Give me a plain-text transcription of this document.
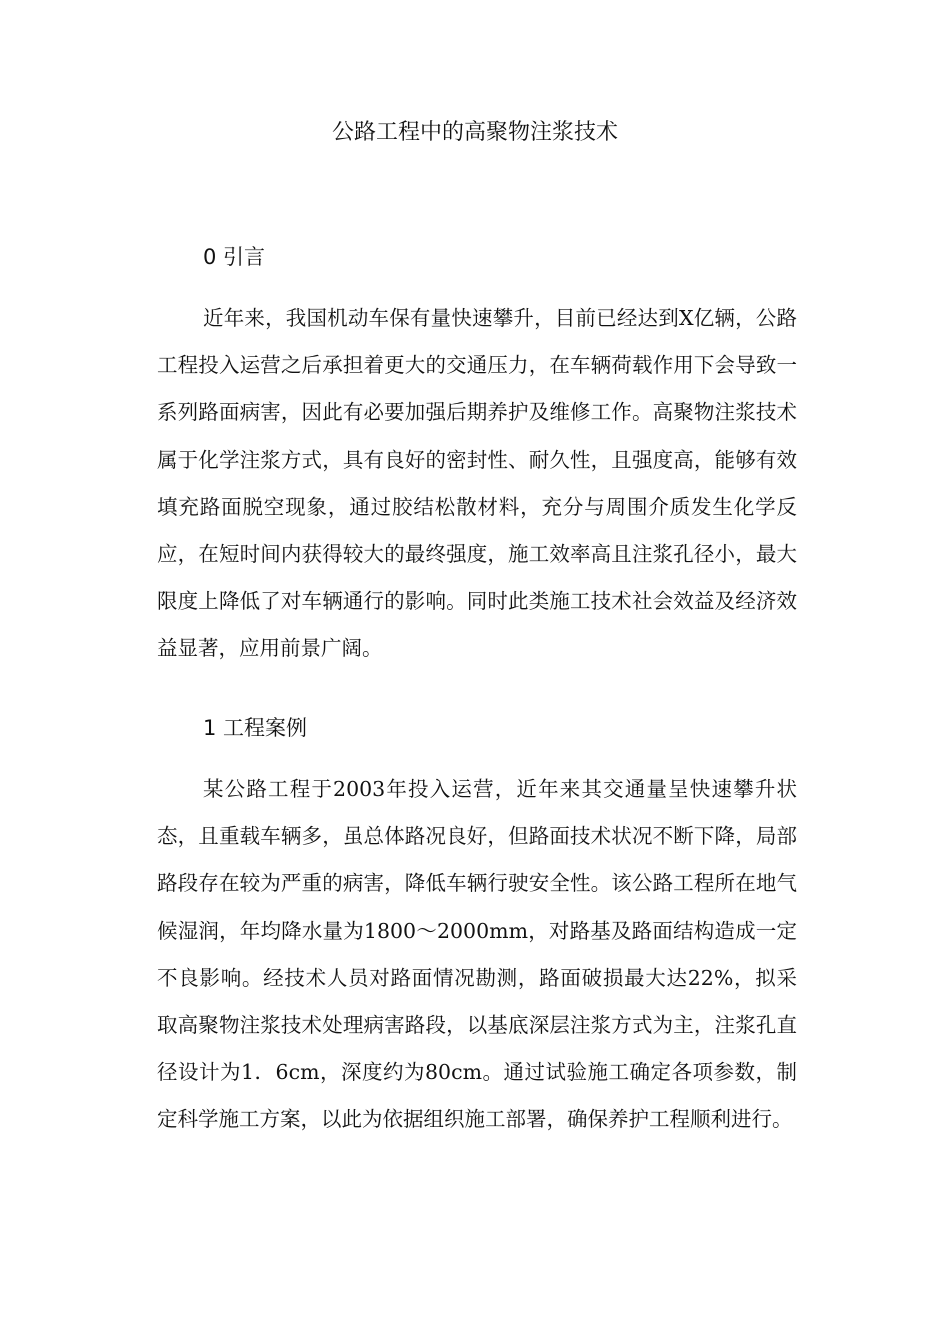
公路工程中的高聚物注浆技术
0 引言

近年来，我国机动车保有量快速攀升，目前已经达到X亿辆，公路工程投入运营之后承担着更大的交通压力，在车辆荷载作用下会导致一系列路面病害，因此有必要加强后期养护及维修工作。高聚物注浆技术属于化学注浆方式，具有良好的密封性、耐久性，且强度高，能够有效填充路面脱空现象，通过胶结松散材料，充分与周围介质发生化学反应，在短时间内获得较大的最终强度，施工效率高且注浆孔径小，最大限度上降低了对车辆通行的影响。同时此类施工技术社会效益及经济效益显著，应用前景广阔。

1 工程案例

某公路工程于2003年投入运营，近年来其交通量呈快速攀升状态，且重载车辆多，虽总体路况良好，但路面技术状况不断下降，局部路段存在较为严重的病害，降低车辆行驶安全性。该公路工程所在地气候湿润，年均降水量为1800～2000mm，对路基及路面结构造成一定不良影响。经技术人员对路面情况勘测，路面破损最大达22%，拟采取高聚物注浆技术处理病害路段，以基底深层注浆方式为主，注浆孔直径设计为1．6cm，深度约为80cm。通过试验施工确定各项参数，制定科学施工方案，以此为依据组织施工部署，确保养护工程顺利进行。
